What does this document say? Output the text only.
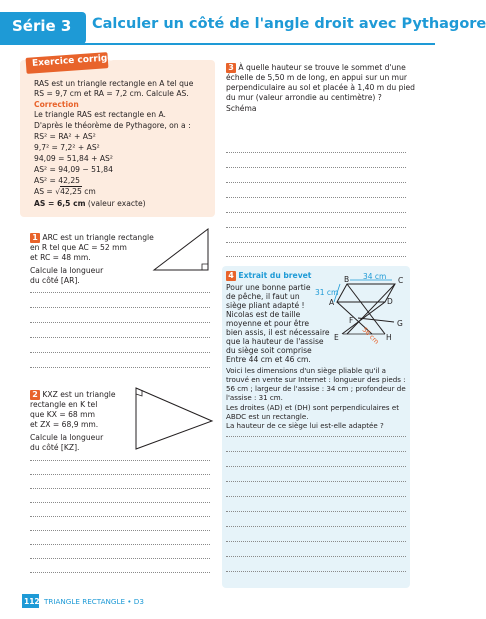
Série 3 Calculer un côté de l'angle droit avec Pythagore
Exercice corrigé
RAS est un triangle rectangle en A tel que
RS = 9,7 cm et RA = 7,2 cm. Calcule AS.
Correction
Le triangle RAS est rectangle en A.
D'après le théorème de Pythagore, on a :
RS² = RA² + AS²
9,7² = 7,2² + AS²
94,09 = 51,84 + AS²
AS² = 94,09 − 51,84
AS² = 42,25
AS = √42,25 cm
AS = 6,5 cm (valeur exacte)
1 ARC est un triangle rectangle
en R tel que AC = 52 mm
et RC = 48 mm.
Calcule la longueur
du côté [AR].
2 KXZ est un triangle
rectangle en K tel
que KX = 68 mm
et ZX = 68,9 mm.
Calcule la longueur
du côté [KZ].
3 À quelle hauteur se trouve le sommet d'une
échelle de 5,50 m de long, en appui sur un mur
perpendiculaire au sol et placée à 1,40 m du pied
du mur (valeur arrondie au centimètre) ?
Schéma
4 Extrait du brevet
Pour une bonne partie
de pêche, il faut un
siège pliant adapté !
Nicolas est de taille
moyenne et pour être
bien assis, il est nécessaire
que la hauteur de l'assise
du siège soit comprise
Entre 44 cm et 46 cm.
Voici les dimensions d'un siège pliable qu'il a
trouvé en vente sur Internet : longueur des pieds :
56 cm ; largeur de l'assise : 34 cm ; profondeur de
l'assise : 31 cm.
Les droites (AD) et (DH) sont perpendiculaires et
ABDC est un rectangle.
La hauteur de ce siège lui est-elle adaptée ?
34 cm
31 cm
56 cm
B	C
A	D
F	G
E	H
112 TRIANGLE RECTANGLE • D3
